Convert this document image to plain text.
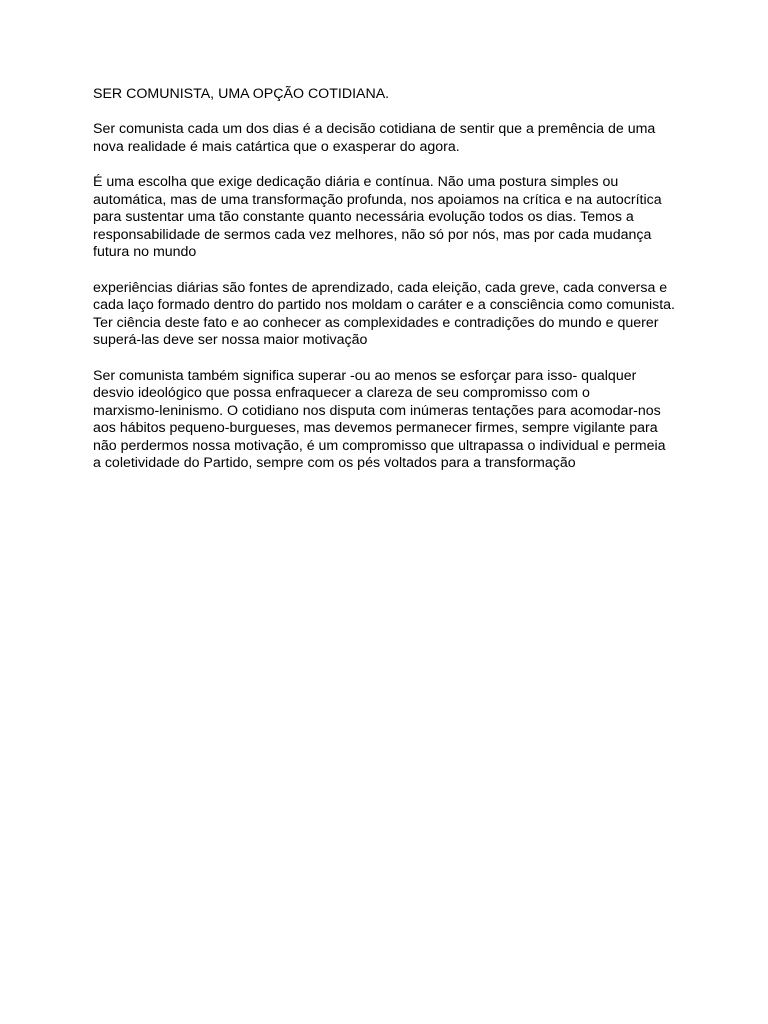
SER COMUNISTA, UMA OPÇÃO COTIDIANA.
Ser comunista cada um dos dias é a decisão cotidiana de sentir que a premência de uma
nova realidade é mais catártica que o exasperar do agora.
É uma escolha que exige dedicação diária e contínua. Não uma postura simples ou
automática, mas de uma transformação profunda, nos apoiamos na crítica e na autocrítica
para sustentar uma tão constante quanto necessária evolução todos os dias. Temos a
responsabilidade de sermos cada vez melhores, não só por nós, mas por cada mudança
futura no mundo
experiências diárias são fontes de aprendizado, cada eleição, cada greve, cada conversa e
cada laço formado dentro do partido nos moldam o caráter e a consciência como comunista.
Ter ciência deste fato e ao conhecer as complexidades e contradições do mundo e querer
superá-las deve ser nossa maior motivação
Ser comunista também significa superar -ou ao menos se esforçar para isso- qualquer
desvio ideológico que possa enfraquecer a clareza de seu compromisso com o
marxismo-leninismo. O cotidiano nos disputa com inúmeras tentações para acomodar-nos
aos hábitos pequeno-burgueses, mas devemos permanecer firmes, sempre vigilante para
não perdermos nossa motivação, é um compromisso que ultrapassa o individual e permeia
a coletividade do Partido, sempre com os pés voltados para a transformação
